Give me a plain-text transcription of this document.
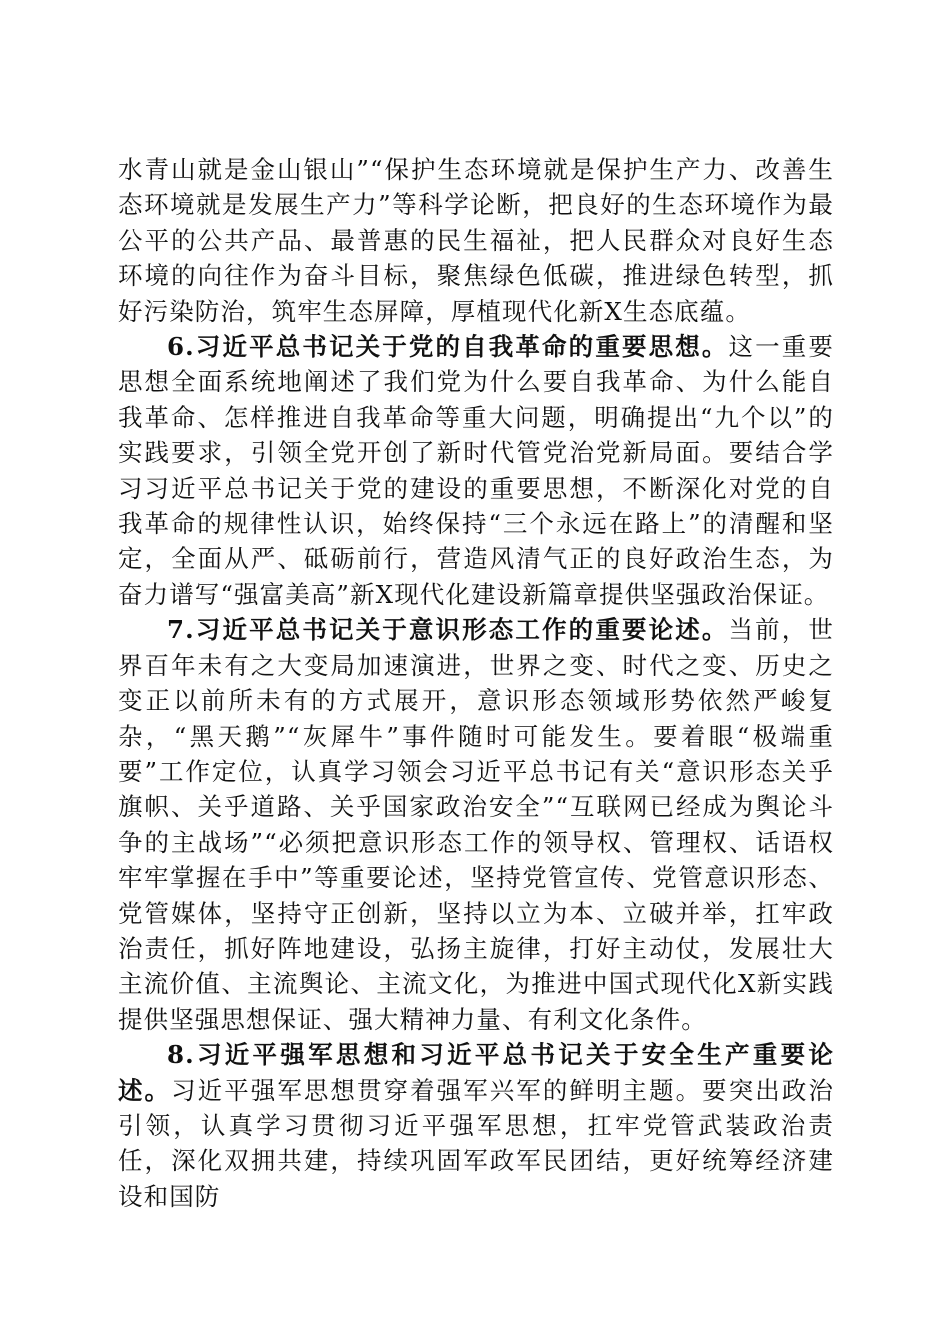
水青山就是金山银山”“保护生态环境就是保护生产力、改善生态环境就是发展生产力”等科学论断，把良好的生态环境作为最公平的公共产品、最普惠的民生福祉，把人民群众对良好生态环境的向往作为奋斗目标，聚焦绿色低碳，推进绿色转型，抓好污染防治，筑牢生态屏障，厚植现代化新X生态底蕴。

6.习近平总书记关于党的自我革命的重要思想。这一重要思想全面系统地阐述了我们党为什么要自我革命、为什么能自我革命、怎样推进自我革命等重大问题，明确提出“九个以”的实践要求，引领全党开创了新时代管党治党新局面。要结合学习习近平总书记关于党的建设的重要思想，不断深化对党的自我革命的规律性认识，始终保持“三个永远在路上”的清醒和坚定，全面从严、砥砺前行，营造风清气正的良好政治生态，为奋力谱写“强富美高”新X现代化建设新篇章提供坚强政治保证。

7.习近平总书记关于意识形态工作的重要论述。当前，世界百年未有之大变局加速演进，世界之变、时代之变、历史之变正以前所未有的方式展开，意识形态领域形势依然严峻复杂，“黑天鹅”“灰犀牛”事件随时可能发生。要着眼“极端重要”工作定位，认真学习领会习近平总书记有关“意识形态关乎旗帜、关乎道路、关乎国家政治安全”“互联网已经成为舆论斗争的主战场”“必须把意识形态工作的领导权、管理权、话语权牢牢掌握在手中”等重要论述，坚持党管宣传、党管意识形态、党管媒体，坚持守正创新，坚持以立为本、立破并举，扛牢政治责任，抓好阵地建设，弘扬主旋律，打好主动仗，发展壮大主流价值、主流舆论、主流文化，为推进中国式现代化X新实践提供坚强思想保证、强大精神力量、有利文化条件。

8.习近平强军思想和习近平总书记关于安全生产重要论述。习近平强军思想贯穿着强军兴军的鲜明主题。要突出政治引领，认真学习贯彻习近平强军思想，扛牢党管武装政治责任，深化双拥共建，持续巩固军政军民团结，更好统筹经济建设和国防
